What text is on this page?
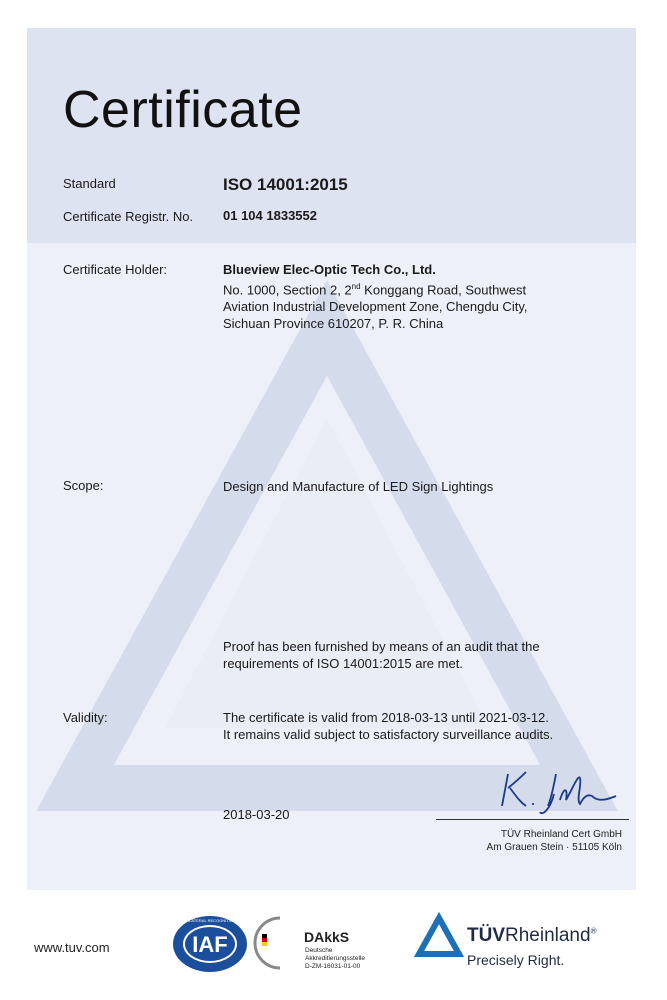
Certificate
Standard	ISO 14001:2015
Certificate Registr. No. 01 104 1833552
Certificate Holder:	Blueview Elec-Optic Tech Co., Ltd.
No. 1000, Section 2, 2nd Konggang Road, Southwest
Aviation Industrial Development Zone, Chengdu City,
Sichuan Province 610207, P. R. China
Scope:	Design and Manufacture of LED Sign Lightings
Proof has been furnished by means of an audit that the
requirements of ISO 14001:2015 are met.
Validity:	The certificate is valid from 2018-03-13 until 2021-03-12.
It remains valid subject to satisfactory surveillance audits.
2018-03-20
TÜV Rheinland Cert GmbH
Am Grauen Stein · 51105 Köln
www.tuv.com	IAF
MEMBER OF MULTILATERAL RECOGNITION ARRANGEMENT
DAkkS
Deutsche
Akkreditierungsstelle
D-ZM-16031-01-00
TÜVRheinland®
Precisely Right.
